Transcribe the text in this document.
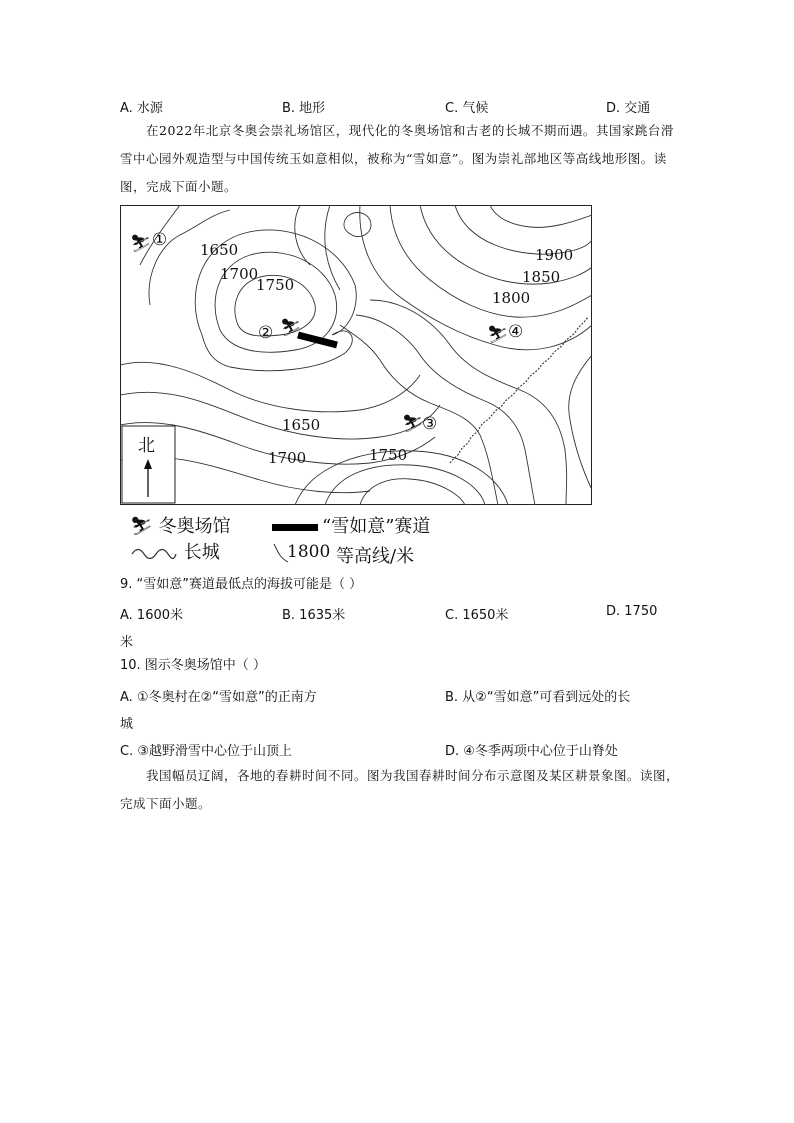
A. 水源	B. 地形	C. 气候	D. 交通
在2022年北京冬奥会崇礼场馆区，现代化的冬奥场馆和古老的长城不期而遇。其国家跳台滑雪中心园外观造型与中国传统玉如意相似，被称为“雪如意”。图为崇礼部地区等高线地形图。读图，完成下面小题。
北
1650
1700
1750
1900
1850
1800
1650
1700	1750
⛷ ①
② ⛷
⛷
③
⛷ ④
⛷ 冬奥场馆	“雪如意”赛道
长城	1800 等高线/米
9. “雪如意”赛道最低点的海拔可能是（ ）
A. 1600米	B. 1635米	C. 1650米	D. 1750
米
10. 图示冬奥场馆中（ ）
A. ①冬奥村在②“雪如意”的正南方	B. 从②“雪如意”可看到远处的长
城
C. ③越野滑雪中心位于山顶上	D. ④冬季两项中心位于山脊处
我国幅员辽阔，各地的春耕时间不同。图为我国春耕时间分布示意图及某区耕景象图。读图，完成下面小题。
